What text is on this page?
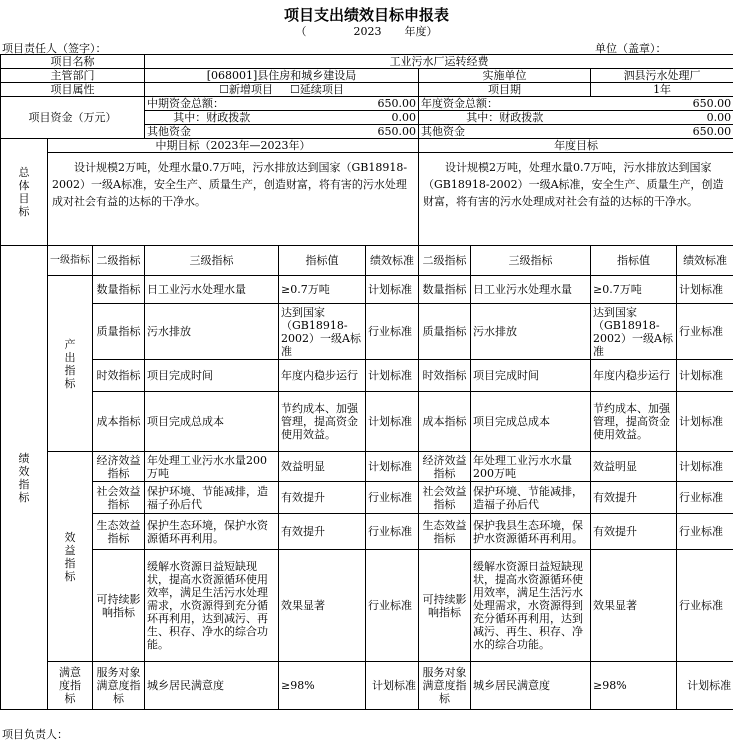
项目支出绩效目标申报表
（	2023 年度）
项目责任人（签字）：	单位（盖章）：
项目名称			工业污水厂运转经费						
主管部门			[068001]县住房和城乡建设局			实施单位		泗县污水处理厂	
项目属性			☐新增项目 ☐延续项目			项目期		1年	
项目资金（万元）			中期资金总额：	650.00		年度资金总额：		650.00	
			其中：财政拨款	0.00		其中：财政拨款		0.00	
			其他资金	650.00		其他资金		650.00	

总体目标	中期目标（2023年—2023年）					年度目标			
	设计规模2万吨，处理水量0.7万吨，污水排放达到国家（GB18918-2002）一级A标准，安全生产、质量生产，创造财富，将有害的污水处理成对社会有益的达标的干净水。					设计规模2万吨，处理水量0.7万吨，污水排放达到国家（GB18918-2002）一级A标准，安全生产、质量生产，创造财富，将有害的污水处理成对社会有益的达标的干净水。			

绩效指标	一级指标	二级指标	三级指标	指标值	绩效标准	二级指标	三级指标	指标值	绩效标准

	产出指标	数量指标	日工业污水处理水量	≥0.7万吨	计划标准	数量指标	日工业污水处理水量	≥0.7万吨	计划标准
		质量指标	污水排放	达到国家（GB18918-2002）一级A标准	行业标准	质量指标	污水排放	达到国家（GB18918-2002）一级A标准	行业标准
		时效指标	项目完成时间	年度内稳步运行	计划标准	时效指标	项目完成时间	年度内稳步运行	计划标准
		成本指标	项目完成总成本	节约成本、加强管理，提高资金使用效益。	计划标准	成本指标	项目完成总成本	节约成本、加强管理，提高资金使用效益。	计划标准

	效益指标	经济效益指标	年处理工业污水水量200万吨	效益明显	计划标准	经济效益指标	年处理工业污水水量200万吨	效益明显	计划标准
		社会效益指标	保护环境、节能减排，造福子孙后代	有效提升	行业标准	社会效益指标	保护环境、节能减排，造福子孙后代	有效提升	行业标准
		生态效益指标	保护生态环境，保护水资源循环再利用。	有效提升	行业标准	生态效益指标	保护我县生态环境，保护水资源循环再利用。	有效提升	行业标准
		可持续影响指标	缓解水资源日益短缺现状，提高水资源循环使用效率，满足生活污水处理需求，水资源得到充分循环再利用，达到减污、再生、积存、净水的综合功能。	效果显著	行业标准	可持续影响指标	缓解水资源日益短缺现状，提高水资源循环使用效率，满足生活污水处理需求，水资源得到充分循环再利用，达到减污、再生、积存、净水的综合功能。	效果显著	行业标准

	满意度指标	服务对象满意度指标	城乡居民满意度	≥98%	计划标准	服务对象满意度指标	城乡居民满意度	≥98%	计划标准
项目负责人：
